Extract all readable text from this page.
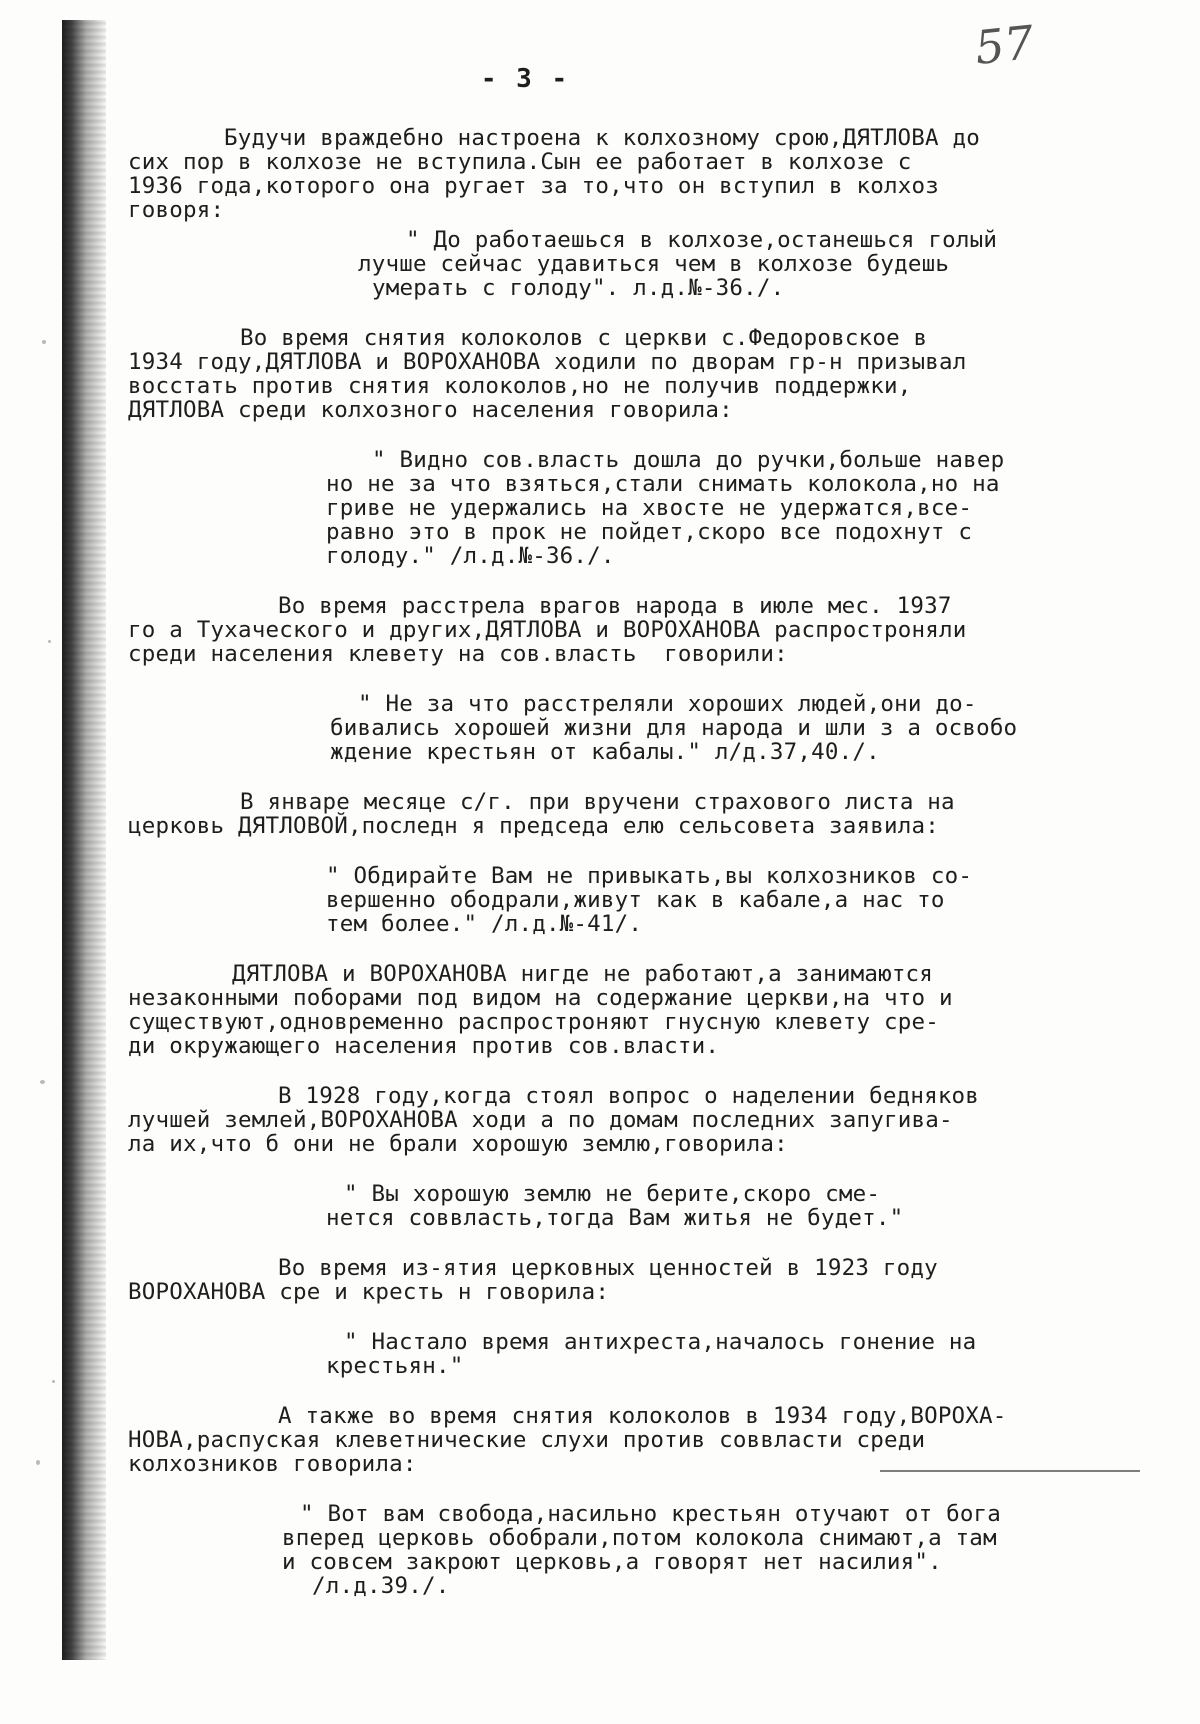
57
- 3 -
Будучи враждебно настроена к колхозному срою,ДЯТЛОВА до
сих пор в колхозе не вступила.Сын ее работает в колхозе с
1936 года,которого она ругает за то,что он вступил в колхоз
говоря:
" До работаешься в колхозе,останешься голый
лучше сейчас удавиться чем в колхозе будешь
умерать с голоду". л.д.№-36./.
Во время снятия колоколов с церкви с.Федоровское в
1934 году,ДЯТЛОВА и ВОРОХАНОВА ходили по дворам гр-н призывал
восстать против снятия колоколов,но не получив поддержки,
ДЯТЛОВА среди колхозного населения говорила:
" Видно сов.власть дошла до ручки,больше навер
но не за что взяться,стали снимать колокола,но на
гриве не удержались на хвосте не удержатся,все-
равно это в прок не пойдет,скоро все подохнут с
голоду." /л.д.№-36./.
Во время расстрела врагов народа в июле мес. 1937
го а Тухаческого и других,ДЯТЛОВА и ВОРОХАНОВА распростроняли
среди населения клевету на сов.власть  говорили:
" Не за что расстреляли хороших людей,они до-
бивались хорошей жизни для народа и шли з а освобо
ждение крестьян от кабалы." л/д.37,40./.
В январе месяце с/г. при вручени страхового листа на
церковь ДЯТЛОВОЙ,последн я председа елю сельсовета заявила:
" Обдирайте Вам не привыкать,вы колхозников со-
вершенно ободрали,живут как в кабале,а нас то
тем более." /л.д.№-41/.
ДЯТЛОВА и ВОРОХАНОВА нигде не работают,а занимаются
незаконными поборами под видом на содержание церкви,на что и
существуют,одновременно распростроняют гнусную клевету сре-
ди окружающего населения против сов.власти.
В 1928 году,когда стоял вопрос о наделении бедняков
лучшей землей,ВОРОХАНОВА ходи а по домам последних запугива-
ла их,что б они не брали хорошую землю,говорила:
" Вы хорошую землю не берите,скоро сме-
нется соввласть,тогда Вам житья не будет."
Во время из-ятия церковных ценностей в 1923 году
ВОРОХАНОВА сре и кресть н говорила:
" Настало время антихреста,началось гонение на
крестьян."
А также во время снятия колоколов в 1934 году,ВОРОХА-
НОВА,распуская клеветнические слухи против соввласти среди
колхозников говорила:
" Вот вам свобода,насильно крестьян отучают от бога
вперед церковь обобрали,потом колокола снимают,а там
и совсем закроют церковь,а говорят нет насилия".
/л.д.39./.
